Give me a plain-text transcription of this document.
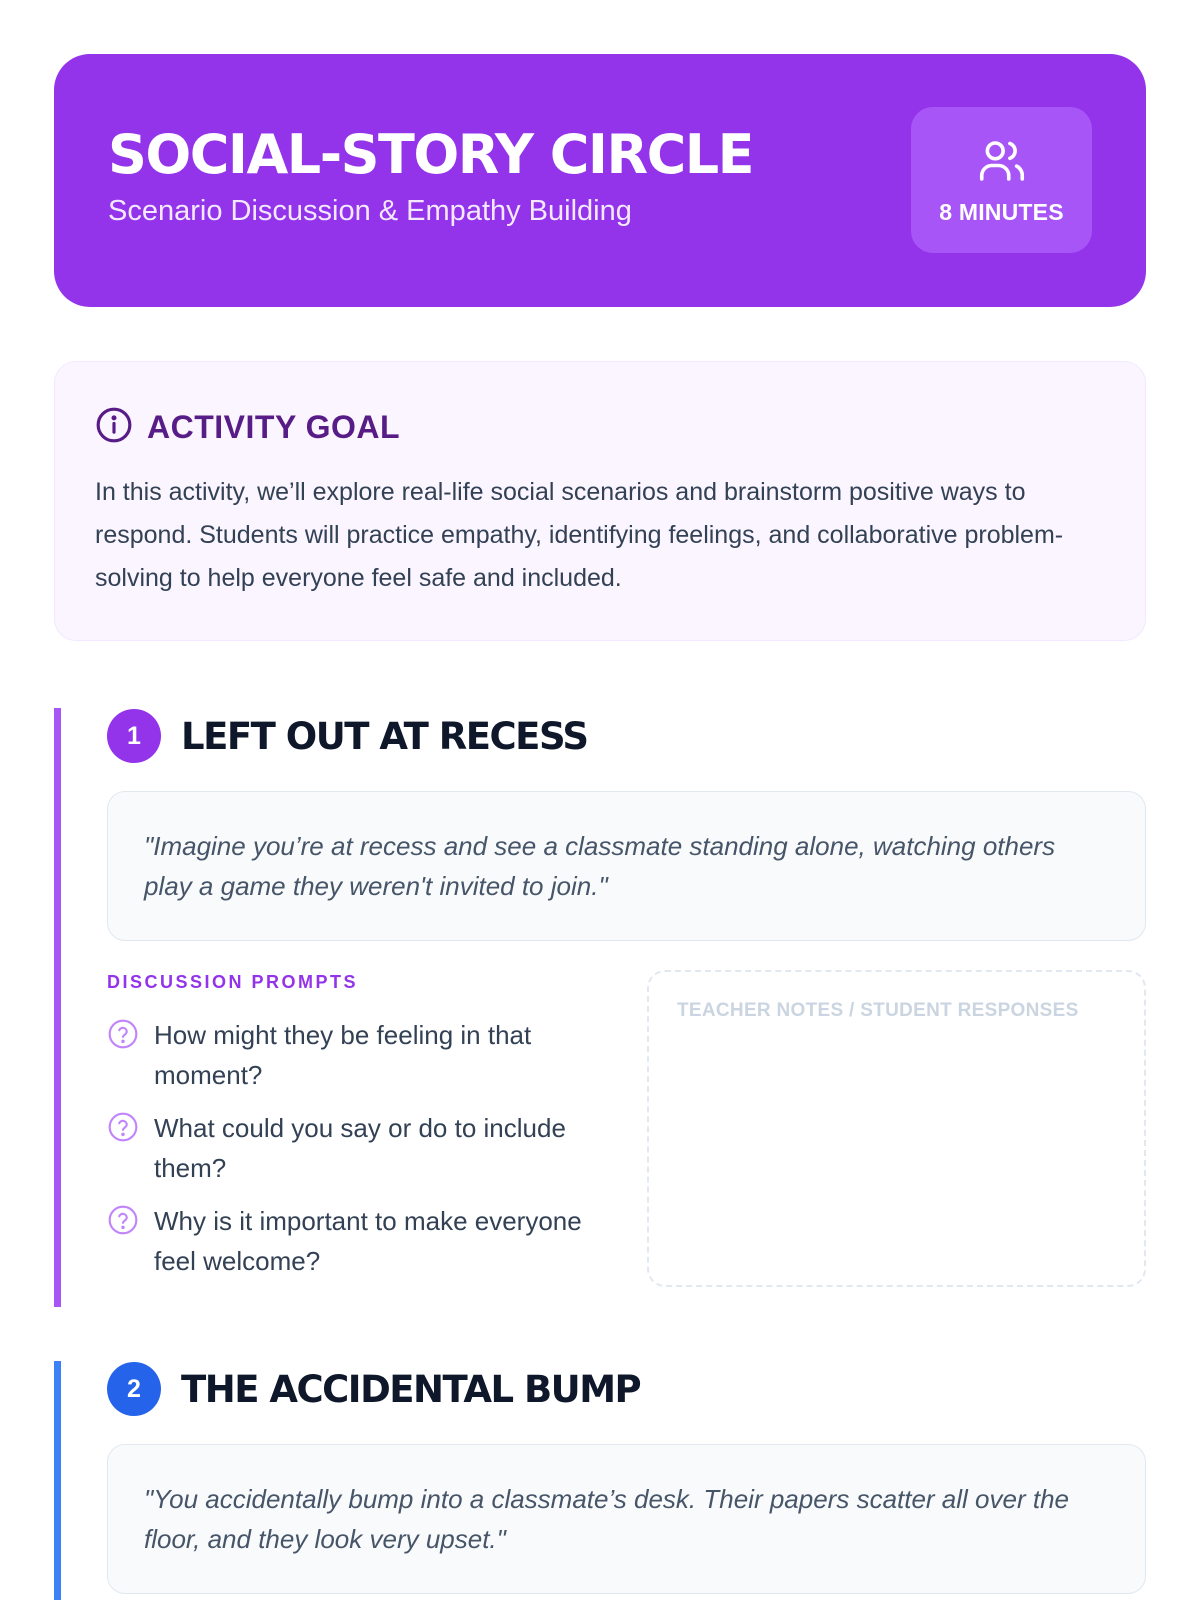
SOCIAL-STORY CIRCLE
Scenario Discussion & Empathy Building	8 MINUTES
ACTIVITY GOAL

In this activity, we’ll explore real-life social scenarios and brainstorm positive ways to respond. Students will practice empathy, identifying feelings, and collaborative problem-solving to help everyone feel safe and included.

1	LEFT OUT AT RECESS
"Imagine you’re at recess and see a classmate standing alone, watching others play a game they weren't invited to join."
DISCUSSION PROMPTS
How might they be feeling in that moment?
What could you say or do to include them?
Why is it important to make everyone feel welcome?
TEACHER NOTES / STUDENT RESPONSES
2	THE ACCIDENTAL BUMP
"You accidentally bump into a classmate’s desk. Their papers scatter all over the floor, and they look very upset."
